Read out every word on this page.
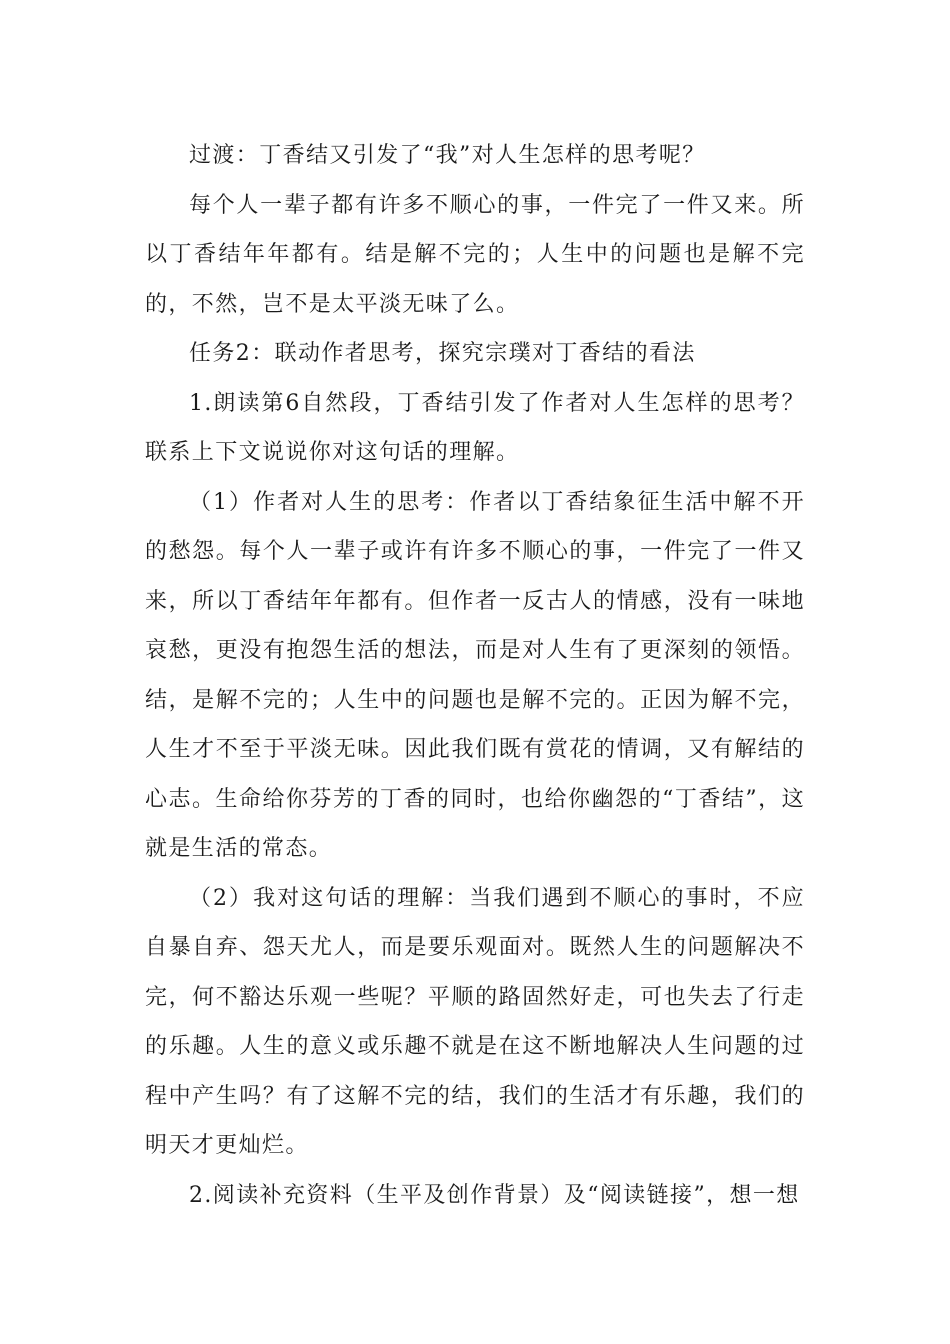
过渡：丁香结又引发了“我”对人生怎样的思考呢？

每个人一辈子都有许多不顺心的事，一件完了一件又来。所以丁香结年年都有。结是解不完的；人生中的问题也是解不完的，不然，岂不是太平淡无味了么。

任务2：联动作者思考，探究宗璞对丁香结的看法

1.朗读第6自然段，丁香结引发了作者对人生怎样的思考？联系上下文说说你对这句话的理解。

（1）作者对人生的思考：作者以丁香结象征生活中解不开的愁怨。每个人一辈子或许有许多不顺心的事，一件完了一件又来，所以丁香结年年都有。但作者一反古人的情感，没有一味地哀愁，更没有抱怨生活的想法，而是对人生有了更深刻的领悟。结，是解不完的；人生中的问题也是解不完的。正因为解不完，人生才不至于平淡无味。因此我们既有赏花的情调，又有解结的心志。生命给你芬芳的丁香的同时，也给你幽怨的“丁香结”，这就是生活的常态。

（2）我对这句话的理解：当我们遇到不顺心的事时，不应自暴自弃、怨天尤人，而是要乐观面对。既然人生的问题解决不完，何不豁达乐观一些呢？平顺的路固然好走，可也失去了行走的乐趣。人生的意义或乐趣不就是在这不断地解决人生问题的过程中产生吗？有了这解不完的结，我们的生活才有乐趣，我们的明天才更灿烂。

2.阅读补充资料（生平及创作背景）及“阅读链接”，想一想
